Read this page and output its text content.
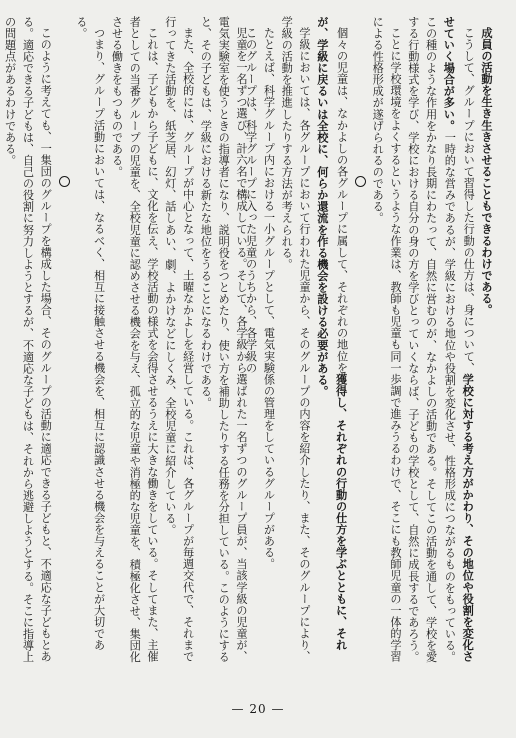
成員の活動を生き生きさせることもできるわけである。

こうして、グループにおいて習得した行動の仕方は、身について、学校に対する考え方がかわり、その地位や役割を変化させていく場合が多い。一時的な営みであるが、学級における地位や役割を変化させ、性格形成につながるものをもっている。この種のような作用をかなり長期にわたって、自然に営むのが、なかよしの活動である。そしてこの活動を通して、学校を愛する行動様式を学び、学校における自分の身の方を学びとっていくならば、子どもの学校として、自然に成長するであろう。

ことに学校環境をよくするというような作業は、教師も児童も同一歩調で進みうるわけで、そこにも教師児童の一体的学習による性格形成が遂げられるのである。

個々の児童は、なかよしの各グループに属して、それぞれの地位を獲得し、それぞれの行動の仕方を学ぶとともに、それが、学級に戻るいは全校に、何らか還流を作る機会を設ける必要がある。

学級においては、各グループにおいて行われた児童から、そのグループの内容を紹介したり、また、そのグループにより、学級の活動を推進したりする方法が考えられる。

たとえば、科学グループ内における一小グループとして、電気実験係の管理をしているグループがある。

このグループは、科学グループに入った児童のうちから、各学級の

児童を一名ずつ選び、計六名で構成している。そして、各学級から選ばれた一名ずつのグループ員が、当該学級の児童が、電気実験室を使うときの指導者になり、説明役をつとめたり、使い方を補助したりする任務を分担している。このようにすると、その子どもは、学級における新たな地位をうることになるわけである。

また、全校的には、グループが中心となって、土曜なかよしを経営している。これは、各グループが毎週交代で、それまで行ってきた活動を、紙芝居、幻灯、話しあい、劇、よかけなどにしくみ、全校児童に紹介している。

これは、子どもから子どもに、文化を伝え、学校活動の様式を会得させるうえに大きな働きをしている。そしてまた、主催者としての当番グループの児童を、全校児童に認めさせる機会を与え、孤立的な児童や消極的な児童を、積極化させ、集団化させる働きをもつものである。

つまり、グループ活動においては、なるべく、相互に接触させる機会を、相互に認識させる機会を与えることが大切である。

このように考えても、一集団のグループを構成した場合、そのグループの活動に適応できる子どもと、不適応な子どもとある。適応できる子どもは、自己の役割に努力しようとするが、不適応な子どもは、それから逃避しようとする。そこに指導上の問題点があるわけである。

— 20 —
